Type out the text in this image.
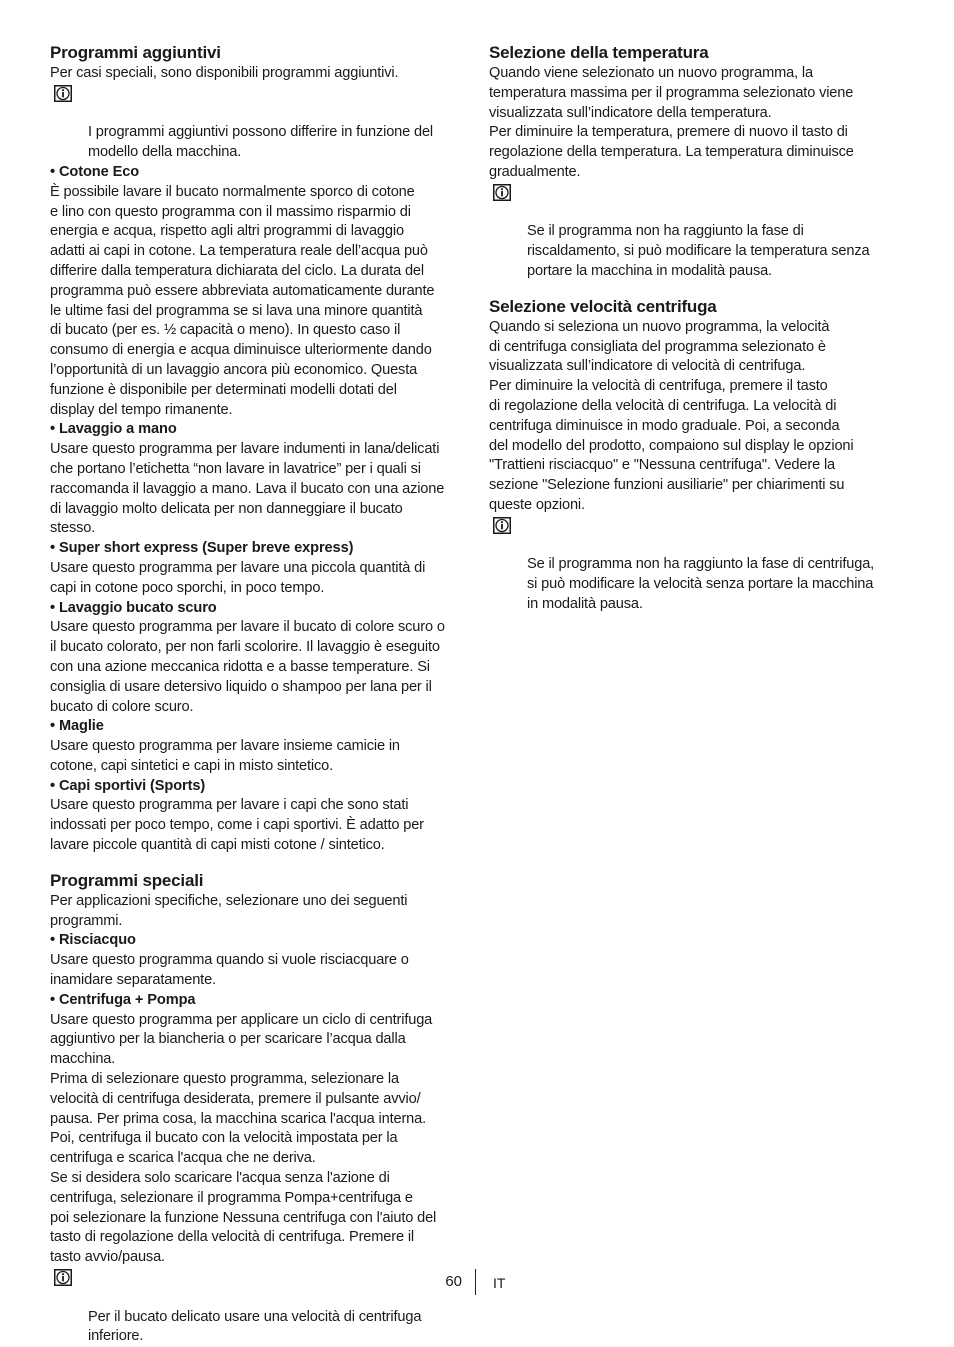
Programmi aggiuntivi

Per casi speciali, sono disponibili programmi aggiuntivi.

I programmi aggiuntivi possono differire in funzione del
modello della macchina.

• Cotone Eco

È possibile lavare il bucato normalmente sporco di cotone
e lino con questo programma con il massimo risparmio di
energia e acqua, rispetto agli altri programmi di lavaggio
adatti ai capi in cotone. La temperatura reale dell’acqua può
differire dalla temperatura dichiarata del ciclo. La durata del
programma può essere abbreviata automaticamente durante
le ultime fasi del programma se si lava una minore quantità
di bucato (per es. ½ capacità o meno). In questo caso il
consumo di energia e acqua diminuisce ulteriormente dando
l’opportunità di un lavaggio ancora più economico. Questa
funzione è disponibile per determinati modelli dotati del
display del tempo rimanente.

• Lavaggio a mano

Usare questo programma per lavare indumenti in lana/delicati
che portano l’etichetta “non lavare in lavatrice” per i quali si
raccomanda il lavaggio a mano. Lava il bucato con una azione
di lavaggio molto delicata per non danneggiare il bucato
stesso.

• Super short express (Super breve express)

Usare questo programma per lavare una piccola quantità di
capi in cotone poco sporchi, in poco tempo.

• Lavaggio bucato scuro

Usare questo programma per lavare il bucato di colore scuro o
il bucato colorato, per non farli scolorire. Il lavaggio è eseguito
con una azione meccanica ridotta e a basse temperature. Si
consiglia di usare detersivo liquido o shampoo per lana per il
bucato di colore scuro.

• Maglie

Usare questo programma per lavare insieme camicie in
cotone, capi sintetici e capi in misto sintetico.

• Capi sportivi (Sports)

Usare questo programma per lavare i capi che sono stati
indossati per poco tempo, come i capi sportivi. È adatto per
lavare piccole quantità di capi misti cotone / sintetico.

Programmi speciali

Per applicazioni specifiche, selezionare uno dei seguenti
programmi.

• Risciacquo

Usare questo programma quando si vuole risciacquare o
inamidare separatamente.

• Centrifuga + Pompa

Usare questo programma per applicare un ciclo di centrifuga
aggiuntivo per la biancheria o per scaricare l’acqua dalla
macchina.
Prima di selezionare questo programma, selezionare la
velocità di centrifuga desiderata, premere il pulsante avvio/
pausa. Per prima cosa, la macchina scarica l'acqua interna.
Poi, centrifuga il bucato con la velocità impostata per la
centrifuga e scarica l'acqua che ne deriva.
Se si desidera solo scaricare l'acqua senza l'azione di
centrifuga, selezionare il programma Pompa+centrifuga e
poi selezionare la funzione Nessuna centrifuga con l'aiuto del
tasto di regolazione della velocità di centrifuga. Premere il
tasto avvio/pausa.

Per il bucato delicato usare una velocità di centrifuga
inferiore.

Selezione della temperatura

Quando viene selezionato un nuovo programma, la
temperatura massima per il programma selezionato viene
visualizzata sull’indicatore della temperatura.
Per diminuire la temperatura, premere di nuovo il tasto di
regolazione della temperatura. La temperatura diminuisce
gradualmente.

Se il programma non ha raggiunto la fase di
riscaldamento, si può modificare la temperatura senza
portare la macchina in modalità pausa.

Selezione velocità centrifuga

Quando si seleziona un nuovo programma, la velocità
di centrifuga consigliata del programma selezionato è
visualizzata sull’indicatore di velocità di centrifuga.
Per diminuire la velocità di centrifuga, premere il tasto
di regolazione della velocità di centrifuga. La velocità di
centrifuga diminuisce in modo graduale. Poi, a seconda
del modello del prodotto, compaiono sul display le opzioni
"Trattieni risciacquo" e "Nessuna centrifuga". Vedere la
sezione "Selezione funzioni ausiliarie" per chiarimenti su
queste opzioni.

Se il programma non ha raggiunto la fase di centrifuga,
si può modificare la velocità senza portare la macchina
in modalità pausa.

60 IT
